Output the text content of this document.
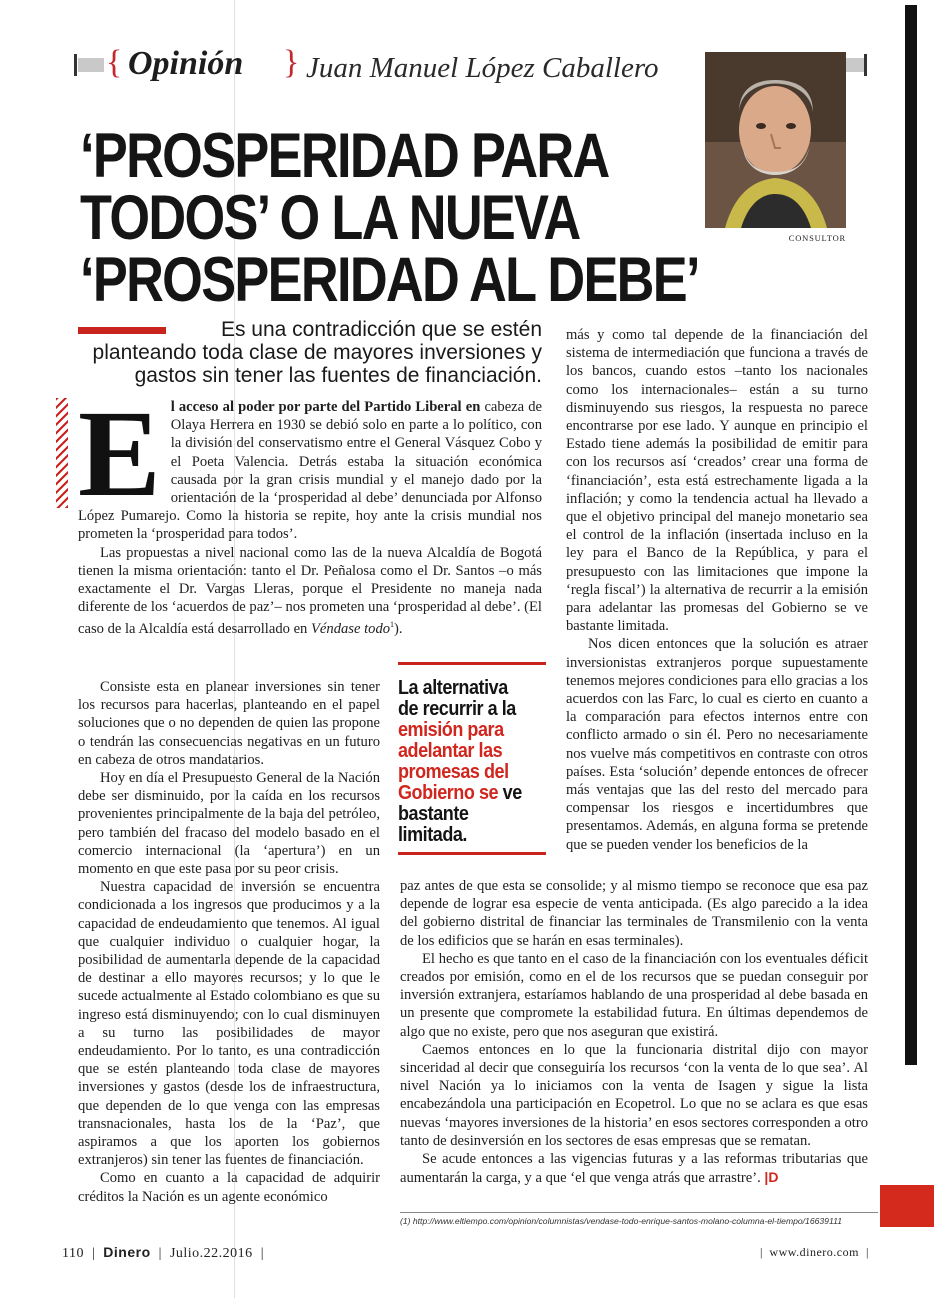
{ Opinión } Juan Manuel López Caballero
CONSULTOR
‘PROSPERIDAD PARA
TODOS’ O LA NUEVA
‘PROSPERIDAD AL DEBE’
Es una contradicción que se estén planteando toda clase de mayores inversiones y gastos sin tener las fuentes de financiación.
E l acceso al poder por parte del Partido Liberal en cabeza de Olaya Herrera en 1930 se debió solo en parte a lo político, con la división del conservatismo entre el General Vásquez Cobo y el Poeta Valencia. Detrás estaba la situación económica causada por la gran crisis mundial y el manejo dado por la orientación de la ‘prosperidad al debe’ denunciada por Alfonso López Pumarejo. Como la historia se repite, hoy ante la crisis mundial nos prometen la ‘prosperidad para todos’.

Las propuestas a nivel nacional como las de la nueva Alcaldía de Bogotá tienen la misma orientación: tanto el Dr. Peñalosa como el Dr. Santos –o más exactamente el Dr. Vargas Lleras, porque el Presidente no maneja nada diferente de los ‘acuerdos de paz’– nos prometen una ‘prosperidad al debe’. (El caso de la Alcaldía está desarrollado en Véndase todo$^1$).

Consiste esta en planear inversiones sin tener los recursos para hacerlas, planteando en el papel soluciones que o no dependen de quien las propone o tendrán las consecuencias negativas en un futuro en cabeza de otros mandatarios.

Hoy en día el Presupuesto General de la Nación debe ser disminuido, por la caída en los recursos provenientes principalmente de la baja del petróleo, pero también del fracaso del modelo basado en el comercio internacional (la ‘apertura’) en un momento en que este pasa por su peor crisis.

Nuestra capacidad de inversión se encuentra condicionada a los ingresos que producimos y a la capacidad de endeudamiento que tenemos. Al igual que cualquier individuo o cualquier hogar, la posibilidad de aumentarla depende de la capacidad de destinar a ello mayores recursos; y lo que le sucede actualmente al Estado colombiano es que su ingreso está disminuyendo; con lo cual disminuyen a su turno las posibilidades de mayor endeudamiento. Por lo tanto, es una contradicción que se estén planteando toda clase de mayores inversiones y gastos (desde los de infraestructura, que dependen de lo que venga con las empresas transnacionales, hasta los de la ‘Paz’, que aspiramos a que los aporten los gobiernos extranjeros) sin tener las fuentes de financiación.

Como en cuanto a la capacidad de adquirir créditos la Nación es un agente económico

La alternativa de recurrir a la emisión para adelantar las promesas del Gobierno se ve bastante limitada.

más y como tal depende de la financiación del sistema de intermediación que funciona a través de los bancos, cuando estos –tanto los nacionales como los internacionales– están a su turno disminuyendo sus riesgos, la respuesta no parece encontrarse por ese lado. Y aunque en principio el Estado tiene además la posibilidad de emitir para con los recursos así ‘creados’ crear una forma de ‘financiación’, esta está estrechamente ligada a la inflación; y como la tendencia actual ha llevado a que el objetivo principal del manejo monetario sea el control de la inflación (insertada incluso en la ley para el Banco de la República, y para el presupuesto con las limitaciones que impone la ‘regla fiscal’) la alternativa de recurrir a la emisión para adelantar las promesas del Gobierno se ve bastante limitada.

Nos dicen entonces que la solución es atraer inversionistas extranjeros porque supuestamente tenemos mejores condiciones para ello gracias a los acuerdos con las Farc, lo cual es cierto en cuanto a la comparación para efectos internos entre con conflicto armado o sin él. Pero no necesariamente nos vuelve más competitivos en contraste con otros países. Esta ‘solución’ depende entonces de ofrecer más ventajas que las del resto del mercado para compensar los riesgos e incertidumbres que presentamos. Además, en alguna forma se pretende que se pueden vender los beneficios de la

paz antes de que esta se consolide; y al mismo tiempo se reconoce que esa paz depende de lograr esa especie de venta anticipada. (Es algo parecido a la idea del gobierno distrital de financiar las terminales de Transmilenio con la venta de los edificios que se harán en esas terminales).

El hecho es que tanto en el caso de la financiación con los eventuales déficit creados por emisión, como en el de los recursos que se puedan conseguir por inversión extranjera, estaríamos hablando de una prosperidad al debe basada en un presente que compromete la estabilidad futura. En últimas dependemos de algo que no existe, pero que nos aseguran que existirá.

Caemos entonces en lo que la funcionaria distrital dijo con mayor sinceridad al decir que conseguiría los recursos ‘con la venta de lo que sea’. Al nivel Nación ya lo iniciamos con la venta de Isagen y sigue la lista encabezándola una participación en Ecopetrol. Lo que no se aclara es que esas nuevas ‘mayores inversiones de la historia’ en esos sectores corresponden a otro tanto de desinversión en los sectores de esas empresas que se rematan.

Se acude entonces a las vigencias futuras y a las reformas tributarias que aumentarán la carga, y a que ‘el que venga atrás que arrastre’. |D

(1) http://www.eltiempo.com/opinion/columnistas/vendase-todo-enrique-santos-molano-columna-el-tiempo/16639111
110 | Dinero | Julio.22.2016 |	| www.dinero.com |
